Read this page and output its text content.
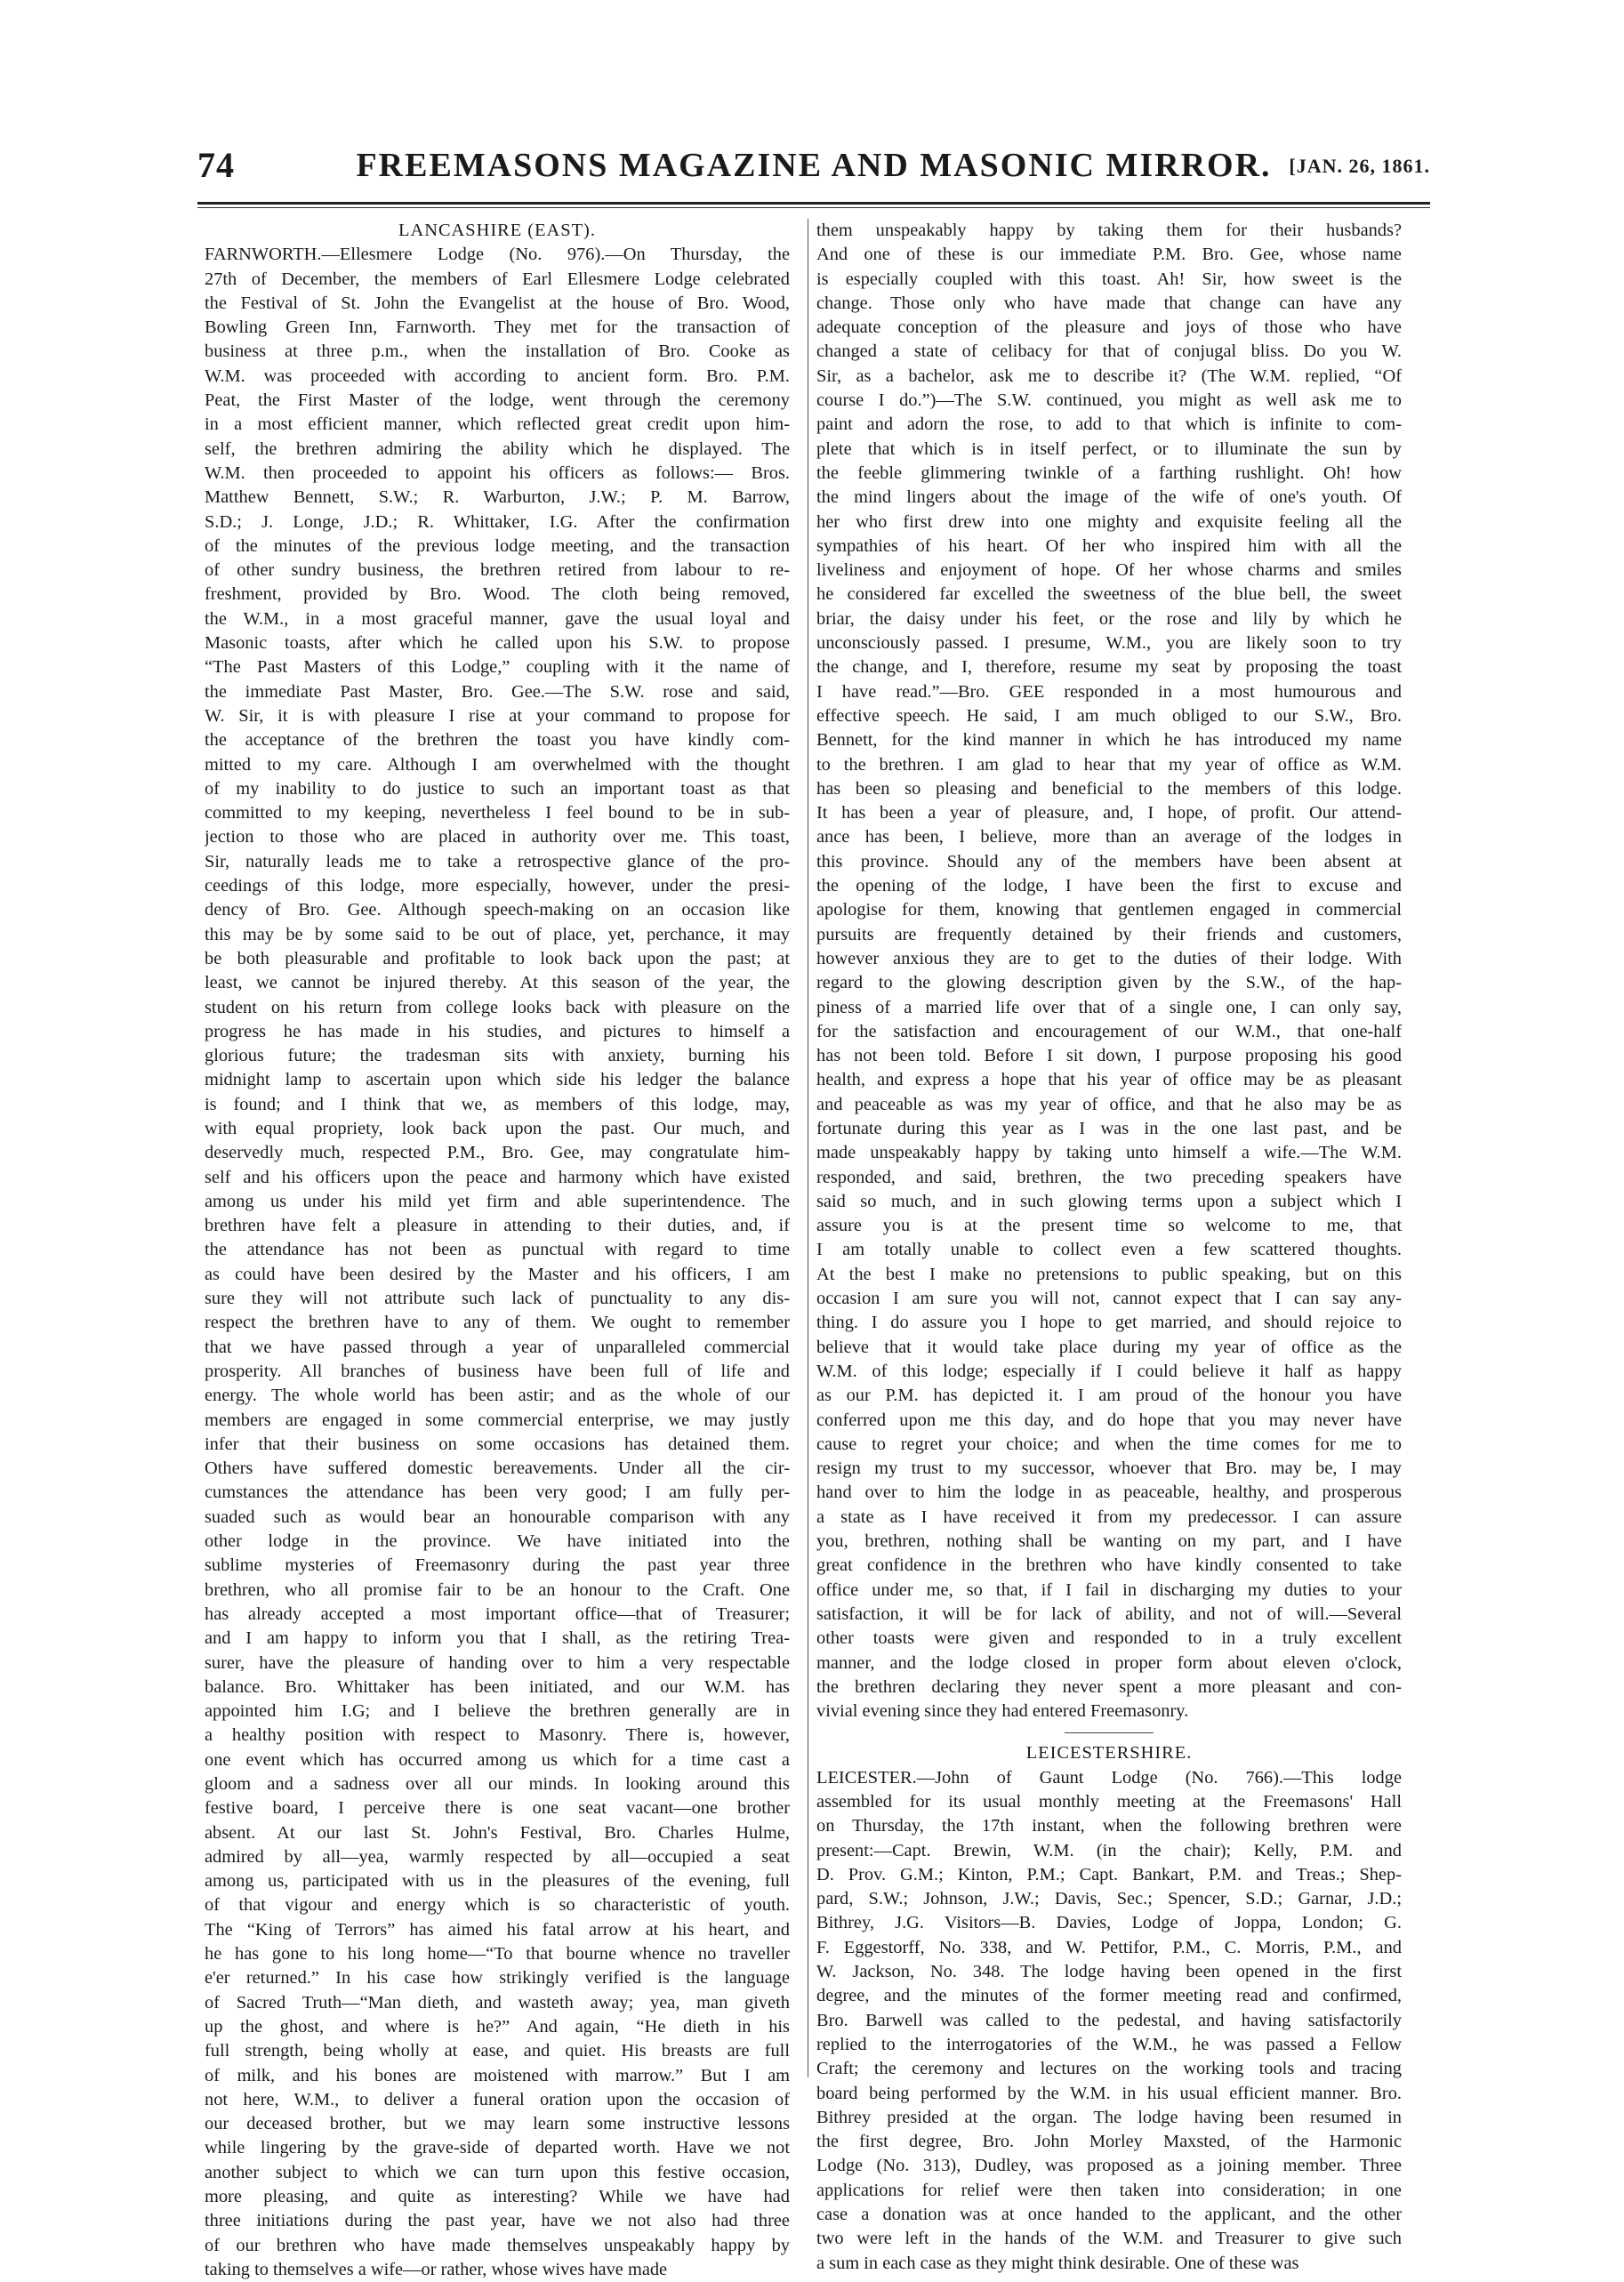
74	FREEMASONS MAGAZINE AND MASONIC MIRROR. [JAN. 26, 1861.
LANCASHIRE (EAST).
FARNWORTH.—Ellesmere Lodge (No. 976).—On Thursday, the
27th of December, the members of Earl Ellesmere Lodge celebrated
the Festival of St. John the Evangelist at the house of Bro. Wood,
Bowling Green Inn, Farnworth. They met for the transaction of
business at three p.m., when the installation of Bro. Cooke as
W.M. was proceeded with according to ancient form. Bro. P.M.
Peat, the First Master of the lodge, went through the ceremony
in a most efficient manner, which reflected great credit upon him-
self, the brethren admiring the ability which he displayed. The
W.M. then proceeded to appoint his officers as follows:— Bros.
Matthew Bennett, S.W.; R. Warburton, J.W.; P. M. Barrow,
S.D.; J. Longe, J.D.; R. Whittaker, I.G. After the confirmation
of the minutes of the previous lodge meeting, and the transaction
of other sundry business, the brethren retired from labour to re-
freshment, provided by Bro. Wood. The cloth being removed,
the W.M., in a most graceful manner, gave the usual loyal and
Masonic toasts, after which he called upon his S.W. to propose
“The Past Masters of this Lodge,” coupling with it the name of
the immediate Past Master, Bro. Gee.—The S.W. rose and said,
W. Sir, it is with pleasure I rise at your command to propose for
the acceptance of the brethren the toast you have kindly com-
mitted to my care. Although I am overwhelmed with the thought
of my inability to do justice to such an important toast as that
committed to my keeping, nevertheless I feel bound to be in sub-
jection to those who are placed in authority over me. This toast,
Sir, naturally leads me to take a retrospective glance of the pro-
ceedings of this lodge, more especially, however, under the presi-
dency of Bro. Gee. Although speech-making on an occasion like
this may be by some said to be out of place, yet, perchance, it may
be both pleasurable and profitable to look back upon the past; at
least, we cannot be injured thereby. At this season of the year, the
student on his return from college looks back with pleasure on the
progress he has made in his studies, and pictures to himself a
glorious future; the tradesman sits with anxiety, burning his
midnight lamp to ascertain upon which side his ledger the balance
is found; and I think that we, as members of this lodge, may,
with equal propriety, look back upon the past. Our much, and
deservedly much, respected P.M., Bro. Gee, may congratulate him-
self and his officers upon the peace and harmony which have existed
among us under his mild yet firm and able superintendence. The
brethren have felt a pleasure in attending to their duties, and, if
the attendance has not been as punctual with regard to time
as could have been desired by the Master and his officers, I am
sure they will not attribute such lack of punctuality to any dis-
respect the brethren have to any of them. We ought to remember
that we have passed through a year of unparalleled commercial
prosperity. All branches of business have been full of life and
energy. The whole world has been astir; and as the whole of our
members are engaged in some commercial enterprise, we may justly
infer that their business on some occasions has detained them.
Others have suffered domestic bereavements. Under all the cir-
cumstances the attendance has been very good; I am fully per-
suaded such as would bear an honourable comparison with any
other lodge in the province. We have initiated into the
sublime mysteries of Freemasonry during the past year three
brethren, who all promise fair to be an honour to the Craft. One
has already accepted a most important office—that of Treasurer;
and I am happy to inform you that I shall, as the retiring Trea-
surer, have the pleasure of handing over to him a very respectable
balance. Bro. Whittaker has been initiated, and our W.M. has
appointed him I.G; and I believe the brethren generally are in
a healthy position with respect to Masonry. There is, however,
one event which has occurred among us which for a time cast a
gloom and a sadness over all our minds. In looking around this
festive board, I perceive there is one seat vacant—one brother
absent. At our last St. John's Festival, Bro. Charles Hulme,
admired by all—yea, warmly respected by all—occupied a seat
among us, participated with us in the pleasures of the evening, full
of that vigour and energy which is so characteristic of youth.
The “King of Terrors” has aimed his fatal arrow at his heart, and
he has gone to his long home—“To that bourne whence no traveller
e'er returned.” In his case how strikingly verified is the language
of Sacred Truth—“Man dieth, and wasteth away; yea, man giveth
up the ghost, and where is he?” And again, “He dieth in his
full strength, being wholly at ease, and quiet. His breasts are full
of milk, and his bones are moistened with marrow.” But I am
not here, W.M., to deliver a funeral oration upon the occasion of
our deceased brother, but we may learn some instructive lessons
while lingering by the grave-side of departed worth. Have we not
another subject to which we can turn upon this festive occasion,
more pleasing, and quite as interesting? While we have had
three initiations during the past year, have we not also had three
of our brethren who have made themselves unspeakably happy by
taking to themselves a wife—or rather, whose wives have made
them unspeakably happy by taking them for their husbands?
And one of these is our immediate P.M. Bro. Gee, whose name
is especially coupled with this toast. Ah! Sir, how sweet is the
change. Those only who have made that change can have any
adequate conception of the pleasure and joys of those who have
changed a state of celibacy for that of conjugal bliss. Do you W.
Sir, as a bachelor, ask me to describe it? (The W.M. replied, “Of
course I do.”)—The S.W. continued, you might as well ask me to
paint and adorn the rose, to add to that which is infinite to com-
plete that which is in itself perfect, or to illuminate the sun by
the feeble glimmering twinkle of a farthing rushlight. Oh! how
the mind lingers about the image of the wife of one's youth. Of
her who first drew into one mighty and exquisite feeling all the
sympathies of his heart. Of her who inspired him with all the
liveliness and enjoyment of hope. Of her whose charms and smiles
he considered far excelled the sweetness of the blue bell, the sweet
briar, the daisy under his feet, or the rose and lily by which he
unconsciously passed. I presume, W.M., you are likely soon to try
the change, and I, therefore, resume my seat by proposing the toast
I have read.”—Bro. GEE responded in a most humourous and
effective speech. He said, I am much obliged to our S.W., Bro.
Bennett, for the kind manner in which he has introduced my name
to the brethren. I am glad to hear that my year of office as W.M.
has been so pleasing and beneficial to the members of this lodge.
It has been a year of pleasure, and, I hope, of profit. Our attend-
ance has been, I believe, more than an average of the lodges in
this province. Should any of the members have been absent at
the opening of the lodge, I have been the first to excuse and
apologise for them, knowing that gentlemen engaged in commercial
pursuits are frequently detained by their friends and customers,
however anxious they are to get to the duties of their lodge. With
regard to the glowing description given by the S.W., of the hap-
piness of a married life over that of a single one, I can only say,
for the satisfaction and encouragement of our W.M., that one-half
has not been told. Before I sit down, I purpose proposing his good
health, and express a hope that his year of office may be as pleasant
and peaceable as was my year of office, and that he also may be as
fortunate during this year as I was in the one last past, and be
made unspeakably happy by taking unto himself a wife.—The W.M.
responded, and said, brethren, the two preceding speakers have
said so much, and in such glowing terms upon a subject which I
assure you is at the present time so welcome to me, that
I am totally unable to collect even a few scattered thoughts.
At the best I make no pretensions to public speaking, but on this
occasion I am sure you will not, cannot expect that I can say any-
thing. I do assure you I hope to get married, and should rejoice to
believe that it would take place during my year of office as the
W.M. of this lodge; especially if I could believe it half as happy
as our P.M. has depicted it. I am proud of the honour you have
conferred upon me this day, and do hope that you may never have
cause to regret your choice; and when the time comes for me to
resign my trust to my successor, whoever that Bro. may be, I may
hand over to him the lodge in as peaceable, healthy, and prosperous
a state as I have received it from my predecessor. I can assure
you, brethren, nothing shall be wanting on my part, and I have
great confidence in the brethren who have kindly consented to take
office under me, so that, if I fail in discharging my duties to your
satisfaction, it will be for lack of ability, and not of will.—Several
other toasts were given and responded to in a truly excellent
manner, and the lodge closed in proper form about eleven o'clock,
the brethren declaring they never spent a more pleasant and con-
vivial evening since they had entered Freemasonry.
LEICESTERSHIRE.
LEICESTER.—John of Gaunt Lodge (No. 766).—This lodge
assembled for its usual monthly meeting at the Freemasons' Hall
on Thursday, the 17th instant, when the following brethren were
present:—Capt. Brewin, W.M. (in the chair); Kelly, P.M. and
D. Prov. G.M.; Kinton, P.M.; Capt. Bankart, P.M. and Treas.; Shep-
pard, S.W.; Johnson, J.W.; Davis, Sec.; Spencer, S.D.; Garnar, J.D.;
Bithrey, J.G. Visitors—B. Davies, Lodge of Joppa, London; G.
F. Eggestorff, No. 338, and W. Pettifor, P.M., C. Morris, P.M., and
W. Jackson, No. 348. The lodge having been opened in the first
degree, and the minutes of the former meeting read and confirmed,
Bro. Barwell was called to the pedestal, and having satisfactorily
replied to the interrogatories of the W.M., he was passed a Fellow
Craft; the ceremony and lectures on the working tools and tracing
board being performed by the W.M. in his usual efficient manner. Bro.
Bithrey presided at the organ. The lodge having been resumed in
the first degree, Bro. John Morley Maxsted, of the Harmonic
Lodge (No. 313), Dudley, was proposed as a joining member. Three
applications for relief were then taken into consideration; in one
case a donation was at once handed to the applicant, and the other
two were left in the hands of the W.M. and Treasurer to give such
a sum in each case as they might think desirable. One of these was
